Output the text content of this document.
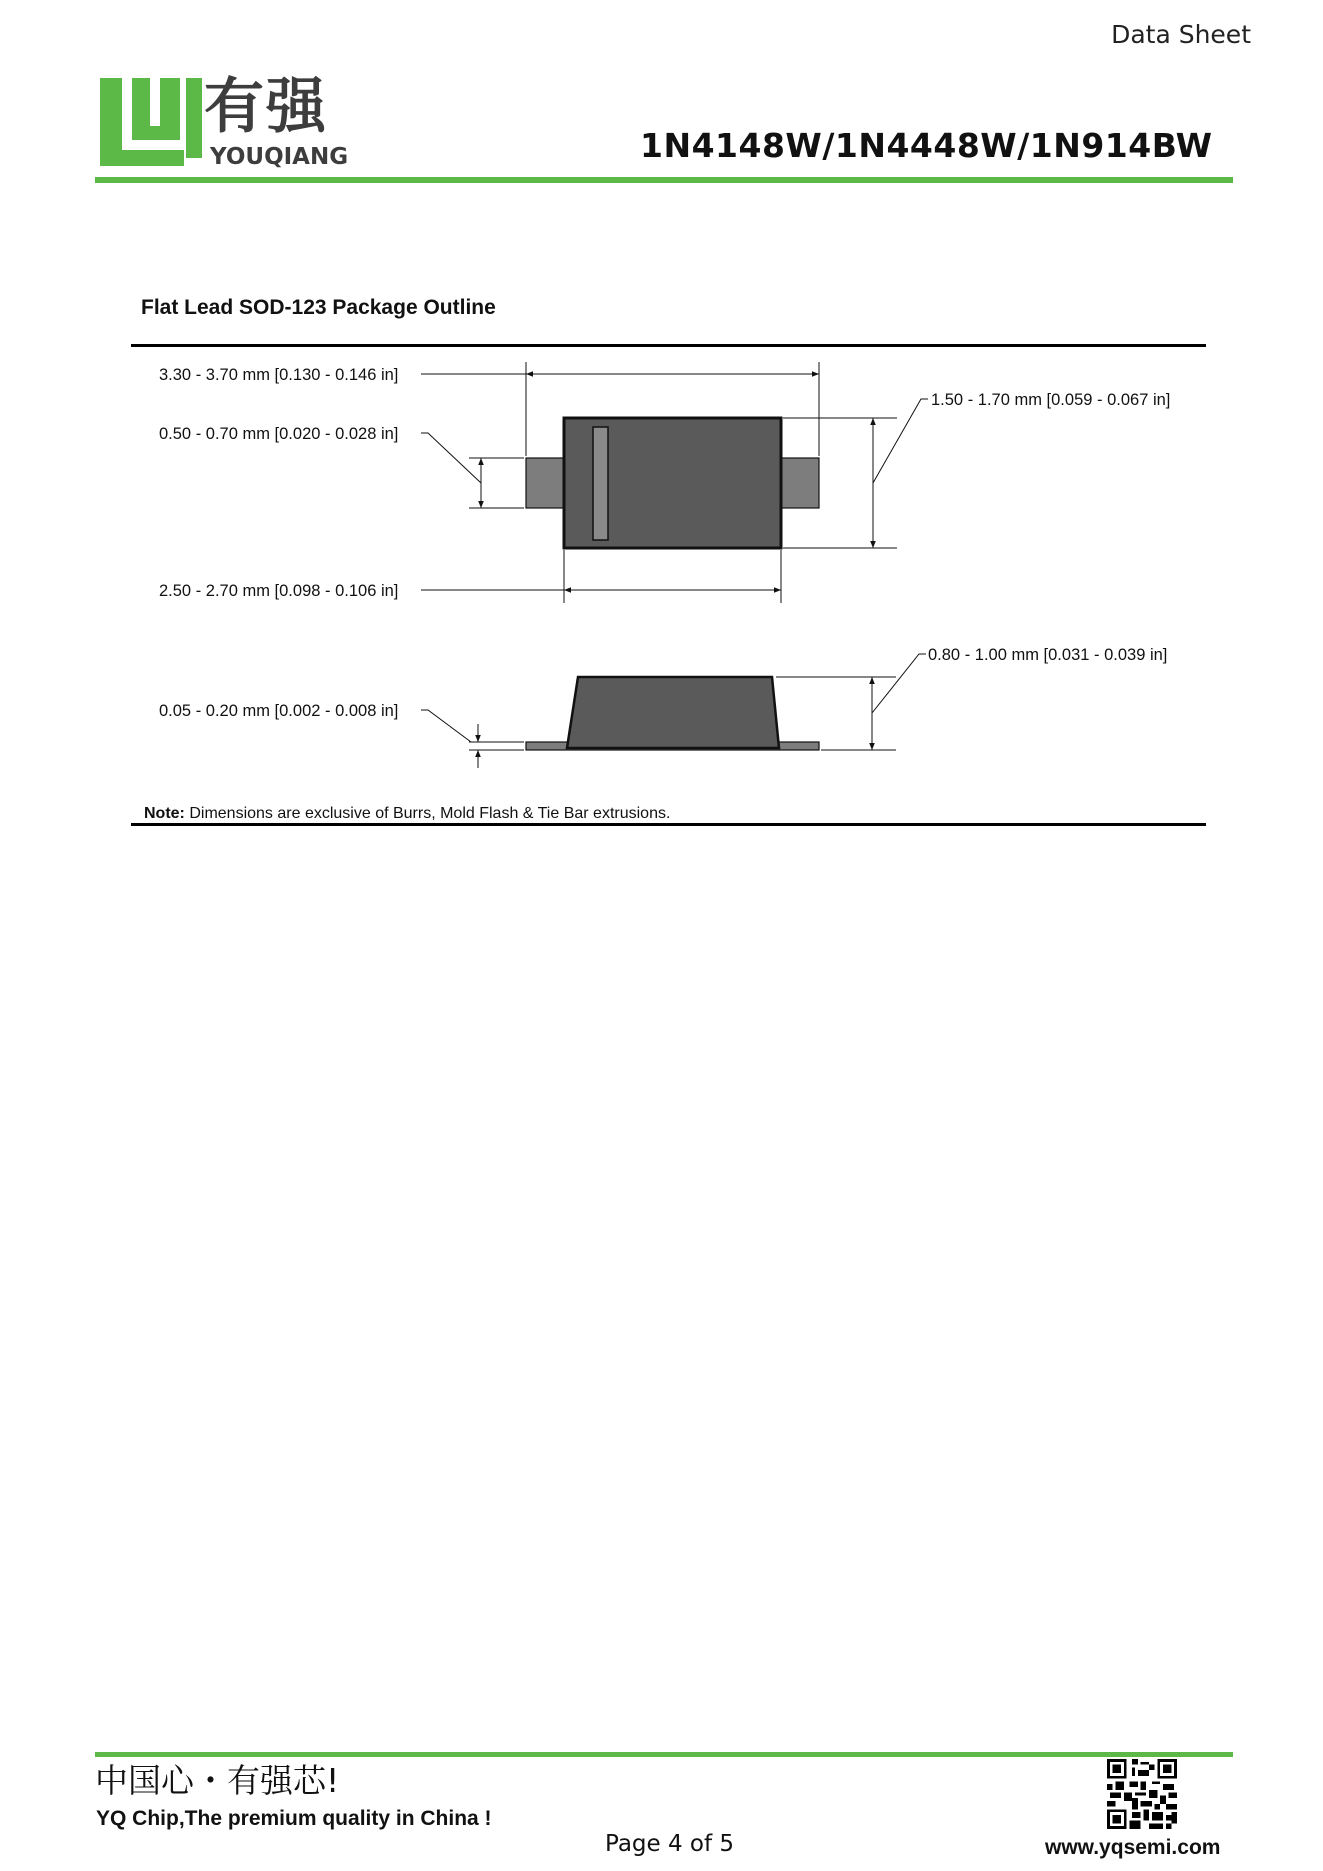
Data Sheet
有强
YOUQIANG	1N4148W/1N4448W/1N914BW
Flat Lead SOD-123 Package Outline
3.30 - 3.70 mm [0.130 - 0.146 in]
0.50 - 0.70 mm [0.020 - 0.028 in]
2.50 - 2.70 mm [0.098 - 0.106 in]
1.50 - 1.70 mm [0.059 - 0.067 in]
0.80 - 1.00 mm [0.031 - 0.039 in]
0.05 - 0.20 mm [0.002 - 0.008 in]
Note: Dimensions are exclusive of Burrs, Mold Flash & Tie Bar extrusions.
中国心・有强芯!
YQ Chip,The premium quality in China !
Page 4 of 5	www.yqsemi.com
